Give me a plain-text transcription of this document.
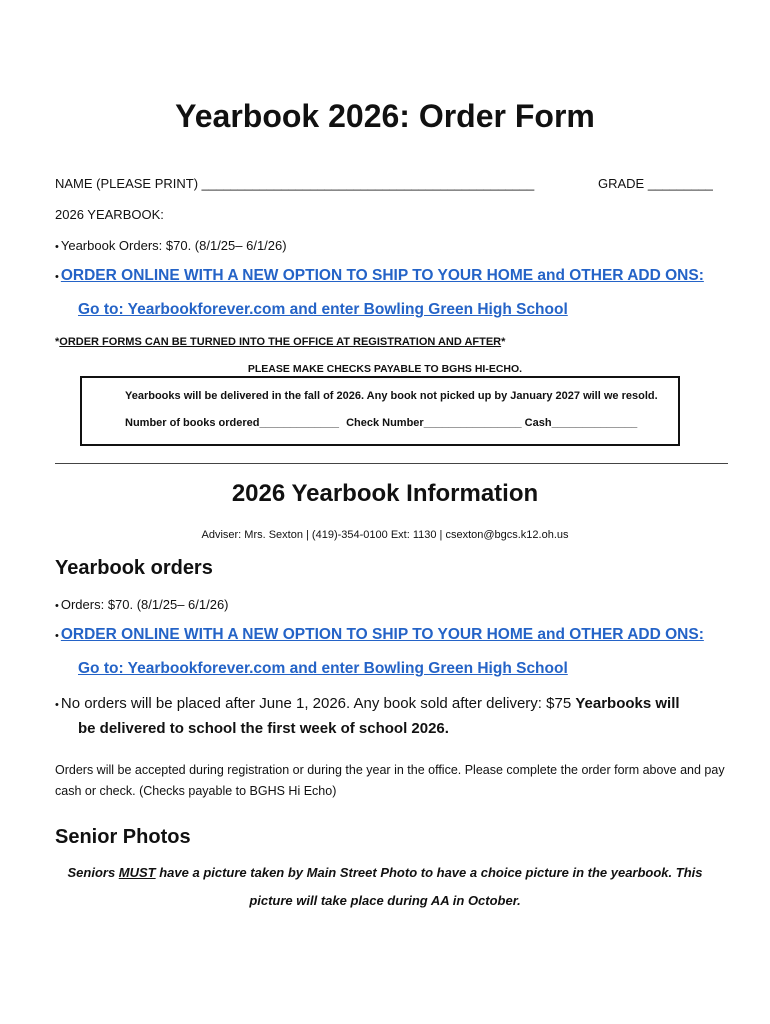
Yearbook 2026: Order Form
NAME (PLEASE PRINT) ______________________________________________	GRADE _________
2026 YEARBOOK:
• Yearbook Orders: $70. (8/1/25– 6/1/26)
• ORDER ONLINE WITH A NEW OPTION TO SHIP TO YOUR HOME and OTHER ADD ONS:
Go to: Yearbookforever.com and enter Bowling Green High School
*ORDER FORMS CAN BE TURNED INTO THE OFFICE AT REGISTRATION AND AFTER*
PLEASE MAKE CHECKS PAYABLE TO BGHS HI-ECHO.
Yearbooks will be delivered in the fall of 2026. Any book not picked up by January 2027 will we resold.
Number of books ordered_____________ Check Number________________ Cash______________
2026 Yearbook Information
Adviser: Mrs. Sexton | (419)-354-0100 Ext: 1130 | csexton@bgcs.k12.oh.us
Yearbook orders
• Orders: $70. (8/1/25– 6/1/26)
• ORDER ONLINE WITH A NEW OPTION TO SHIP TO YOUR HOME and OTHER ADD ONS:
Go to: Yearbookforever.com and enter Bowling Green High School
• No orders will be placed after June 1, 2026. Any book sold after delivery: $75 Yearbooks will
be delivered to school the first week of school 2026.
Orders will be accepted during registration or during the year in the office. Please complete the order form above and pay cash or check. (Checks payable to BGHS Hi Echo)
Senior Photos
Seniors MUST have a picture taken by Main Street Photo to have a choice picture in the yearbook. This
picture will take place during AA in October.
